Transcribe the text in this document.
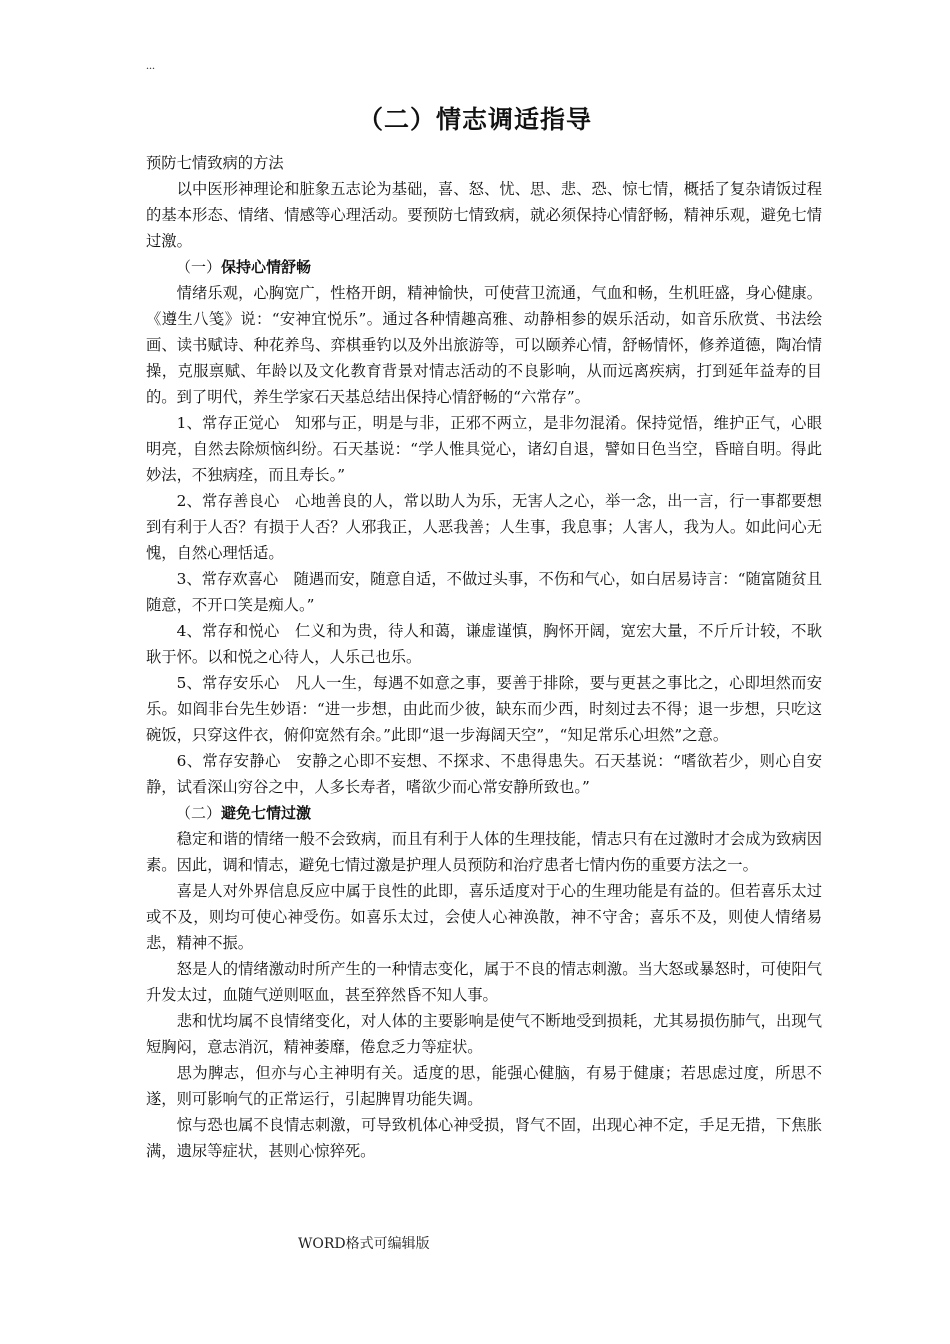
...
（二）情志调适指导

预防七情致病的方法

以中医形神理论和脏象五志论为基础，喜、怒、忧、思、悲、恐、惊七情，概括了复杂请饭过程的基本形态、情绪、情感等心理活动。要预防七情致病，就必须保持心情舒畅，精神乐观，避免七情过激。

（一）保持心情舒畅

情绪乐观，心胸宽广，性格开朗，精神愉快，可使营卫流通，气血和畅，生机旺盛，身心健康。《遵生八笺》说：“安神宜悦乐”。通过各种情趣高雅、动静相参的娱乐活动，如音乐欣赏、书法绘画、读书赋诗、种花养鸟、弈棋垂钓以及外出旅游等，可以颐养心情，舒畅情怀，修养道德，陶冶情操，克服禀赋、年龄以及文化教育背景对情志活动的不良影响，从而远离疾病，打到延年益寿的目的。到了明代，养生学家石天基总结出保持心情舒畅的“六常存”。

1、常存正觉心　知邪与正，明是与非，正邪不两立，是非勿混淆。保持觉悟，维护正气，心眼明亮，自然去除烦恼纠纷。石天基说：“学人惟具觉心，诸幻自退，譬如日色当空，昏暗自明。得此妙法，不独病痊，而且寿长。”

2、常存善良心　心地善良的人，常以助人为乐，无害人之心，举一念，出一言，行一事都要想到有利于人否？有损于人否？人邪我正，人恶我善；人生事，我息事；人害人，我为人。如此问心无愧，自然心理恬适。

3、常存欢喜心　随遇而安，随意自适，不做过头事，不伤和气心，如白居易诗言：“随富随贫且随意，不开口笑是痴人。”

4、常存和悦心　仁义和为贵，待人和蔼，谦虚谨慎，胸怀开阔，宽宏大量，不斤斤计较，不耿耿于怀。以和悦之心待人，人乐己也乐。

5、常存安乐心　凡人一生，每遇不如意之事，要善于排除，要与更甚之事比之，心即坦然而安乐。如阎非台先生妙语：“进一步想，由此而少彼，缺东而少西，时刻过去不得；退一步想，只吃这碗饭，只穿这件衣，俯仰宽然有余。”此即“退一步海阔天空”，“知足常乐心坦然”之意。

6、常存安静心　安静之心即不妄想、不探求、不患得患失。石天基说：“嗜欲若少，则心自安静，试看深山穷谷之中，人多长寿者，嗜欲少而心常安静所致也。”

（二）避免七情过激

稳定和谐的情绪一般不会致病，而且有利于人体的生理技能，情志只有在过激时才会成为致病因素。因此，调和情志，避免七情过激是护理人员预防和治疗患者七情内伤的重要方法之一。

喜是人对外界信息反应中属于良性的此即，喜乐适度对于心的生理功能是有益的。但若喜乐太过或不及，则均可使心神受伤。如喜乐太过，会使人心神涣散，神不守舍；喜乐不及，则使人情绪易悲，精神不振。

怒是人的情绪激动时所产生的一种情志变化，属于不良的情志刺激。当大怒或暴怒时，可使阳气升发太过，血随气逆则呕血，甚至猝然昏不知人事。

悲和忧均属不良情绪变化，对人体的主要影响是使气不断地受到损耗，尤其易损伤肺气，出现气短胸闷，意志消沉，精神萎靡，倦怠乏力等症状。

思为脾志，但亦与心主神明有关。适度的思，能强心健脑，有易于健康；若思虑过度，所思不遂，则可影响气的正常运行，引起脾胃功能失调。

惊与恐也属不良情志刺激，可导致机体心神受损，肾气不固，出现心神不定，手足无措，下焦胀满，遗尿等症状，甚则心惊猝死。

WORD格式可编辑版
